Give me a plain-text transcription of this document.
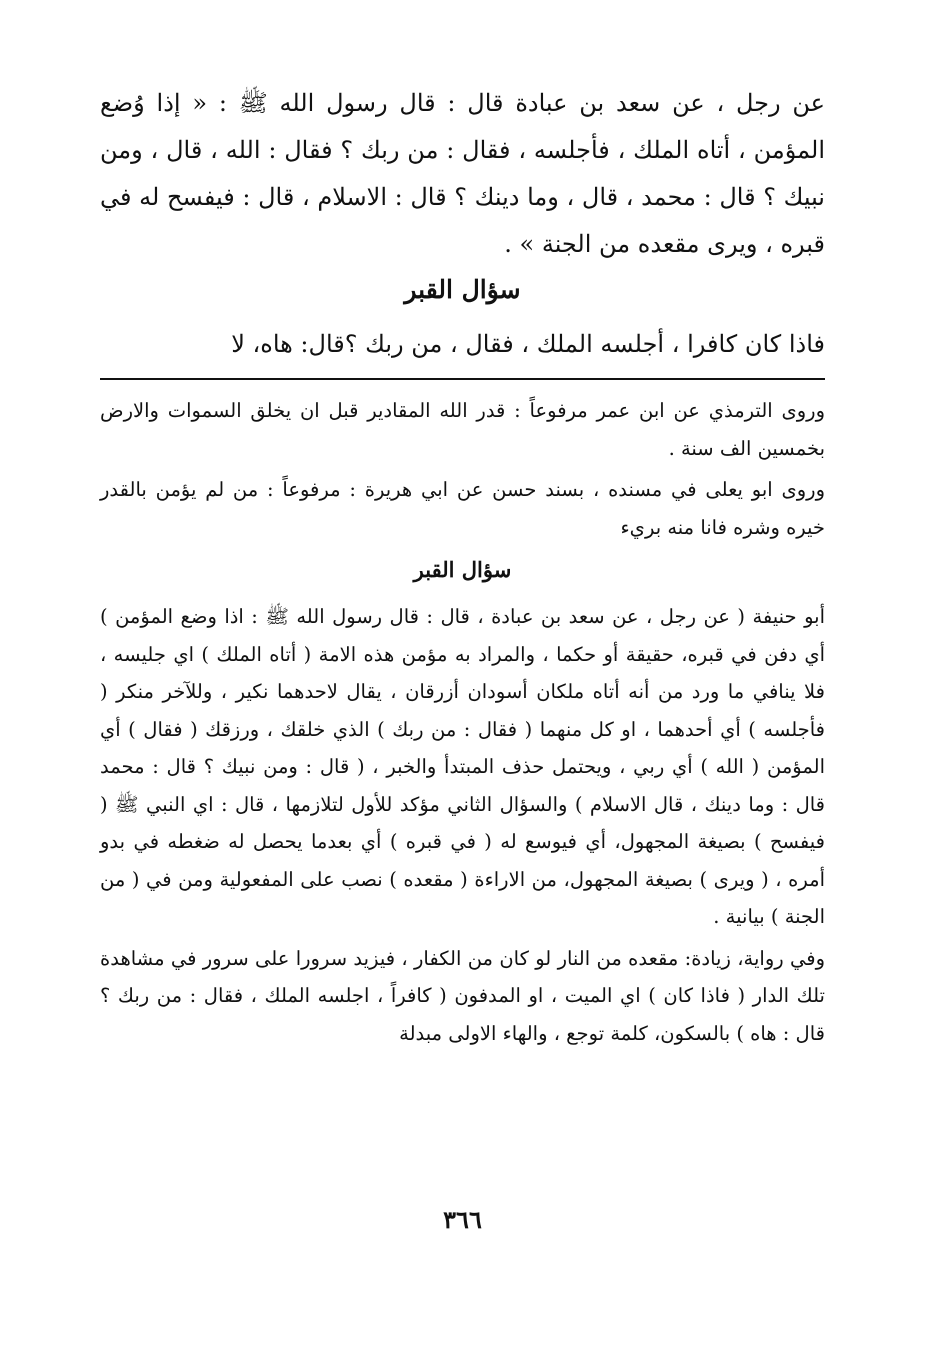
عن رجل ، عن سعد بن عبادة قال : قال رسول الله ﷺ : « إذا وُضع المؤمن ، أتاه الملك ، فأجلسه ، فقال : من ربك ؟ فقال : الله ، قال ، ومن نبيك ؟ قال : محمد ، قال ، وما دينك ؟ قال : الاسلام ، قال : فيفسح له في قبره ، ويرى مقعده من الجنة » .

سؤال القبر
فاذا كان كافرا ، أجلسه الملك ، فقال ، من ربك ؟قال: هاه، لا

وروى الترمذي عن ابن عمر مرفوعاً : قدر الله المقادير قبل ان يخلق السموات والارض بخمسين الف سنة .

وروى ابو يعلى في مسنده ، بسند حسن عن ابي هريرة : مرفوعاً : من لم يؤمن بالقدر خيره وشره فانا منه بريء

سؤال القبر

أبو حنيفة ( عن رجل ، عن سعد بن عبادة ، قال : قال رسول الله ﷺ : اذا وضع المؤمن ) أي دفن في قبره، حقيقة أو حكما ، والمراد به مؤمن هذه الامة ( أتاه الملك ) اي جليسه ، فلا ينافي ما ورد من أنه أتاه ملكان أسودان أزرقان ، يقال لاحدهما نكير ، وللآخر منكر ( فأجلسه ) أي أحدهما ، او كل منهما ( فقال : من ربك ) الذي خلقك ، ورزقك ( فقال ) أي المؤمن ( الله ) أي ربي ، ويحتمل حذف المبتدأ والخبر ، ( قال : ومن نبيك ؟ قال : محمد قال : وما دينك ، قال الاسلام ) والسؤال الثاني مؤكد للأول لتلازمها ، قال : اي النبي ﷺ ( فيفسح ) بصيغة المجهول، أي فيوسع له ( في قبره ) أي بعدما يحصل له ضغطه في بدو أمره ، ( ويرى ) بصيغة المجهول، من الاراءة ( مقعده ) نصب على المفعولية ومن في ( من الجنة ) بيانية .

وفي رواية، زيادة: مقعده من النار لو كان من الكفار ، فيزيد سرورا على سرور في مشاهدة تلك الدار ( فاذا كان ) اي الميت ، او المدفون ( كافراً ، اجلسه الملك ، فقال : من ربك ؟ قال : هاه ) بالسكون، كلمة توجع ، والهاء الاولى مبدلة

٣٦٦
